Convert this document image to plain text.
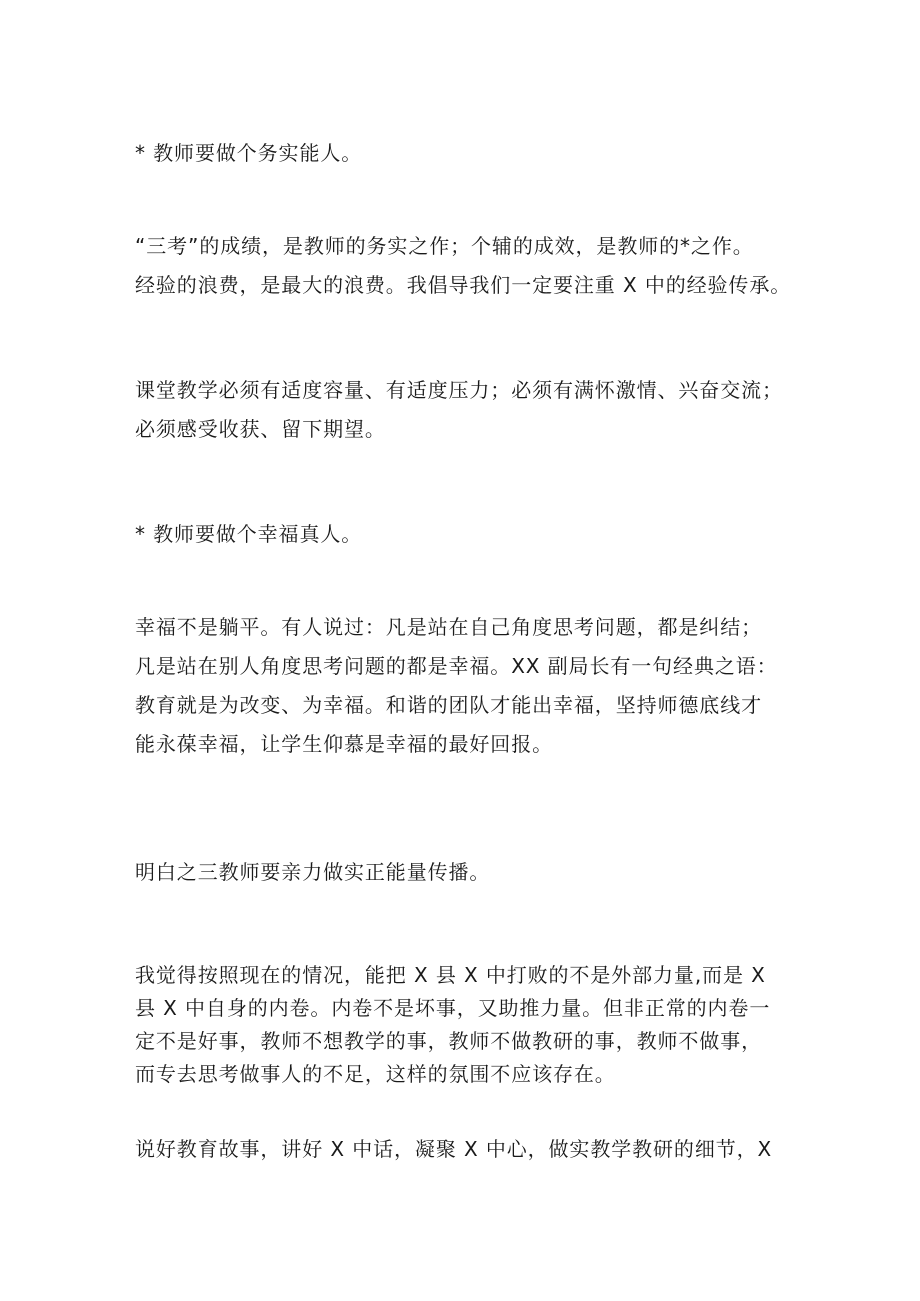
* 教师要做个务实能人。
“三考”的成绩，是教师的务实之作；个辅的成效，是教师的*之作。
经验的浪费，是最大的浪费。我倡导我们一定要注重 X 中的经验传承。
课堂教学必须有适度容量、有适度压力；必须有满怀激情、兴奋交流；
必须感受收获、留下期望。
* 教师要做个幸福真人。
幸福不是躺平。有人说过：凡是站在自己角度思考问题，都是纠结；
凡是站在别人角度思考问题的都是幸福。XX 副局长有一句经典之语：
教育就是为改变、为幸福。和谐的团队才能出幸福，坚持师德底线才
能永葆幸福，让学生仰慕是幸福的最好回报。
明白之三教师要亲力做实正能量传播。
我觉得按照现在的情况，能把 X 县 X 中打败的不是外部力量,而是 X
县 X 中自身的内卷。内卷不是坏事，又助推力量。但非正常的内卷一
定不是好事，教师不想教学的事，教师不做教研的事，教师不做事，
而专去思考做事人的不足，这样的氛围不应该存在。
说好教育故事，讲好 X 中话，凝聚 X 中心，做实教学教研的细节，X
